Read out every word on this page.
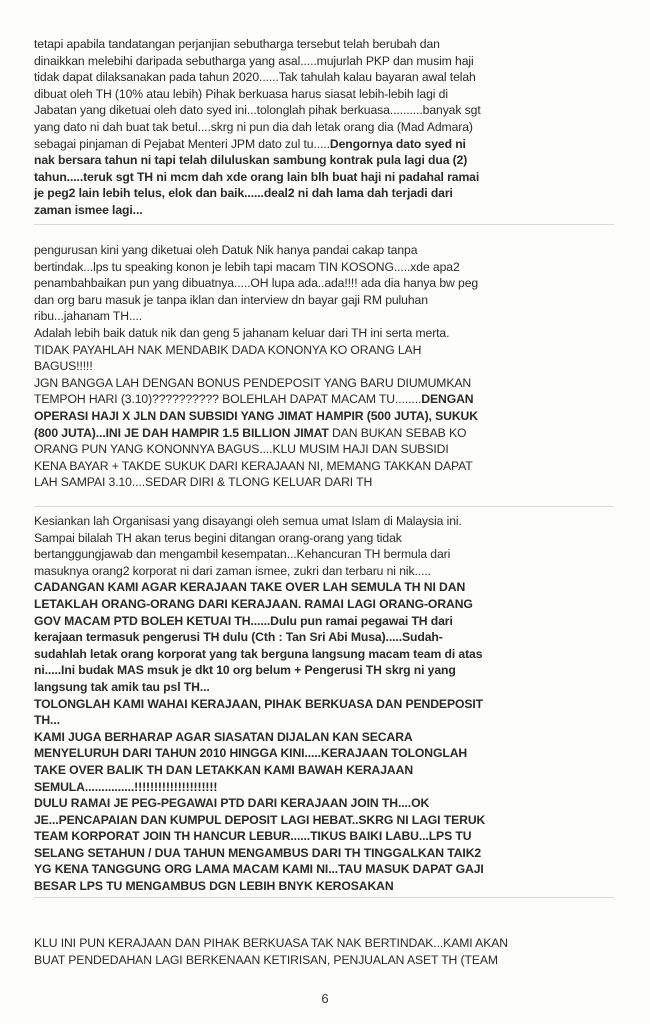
tetapi apabila tandatangan perjanjian sebutharga tersebut telah berubah dan
dinaikkan melebihi daripada sebutharga yang asal.....mujurlah PKP dan musim haji
tidak dapat dilaksanakan pada tahun 2020......Tak tahulah kalau bayaran awal telah
dibuat oleh TH (10% atau lebih) Pihak berkuasa harus siasat lebih-lebih lagi di
Jabatan yang diketuai oleh dato syed ini...tolonglah pihak berkuasa..........banyak sgt
yang dato ni dah buat tak betul....skrg ni pun dia dah letak orang dia (Mad Admara)
sebagai pinjaman di Pejabat Menteri JPM dato zul tu.....Dengornya dato syed ni
nak bersara tahun ni tapi telah diluluskan sambung kontrak pula lagi dua (2)
tahun.....teruk sgt TH ni mcm dah xde orang lain blh buat haji ni padahal ramai
je peg2 lain lebih telus, elok dan baik......deal2 ni dah lama dah terjadi dari
zaman ismee lagi...
pengurusan kini yang diketuai oleh Datuk Nik hanya pandai cakap tanpa
bertindak...lps tu speaking konon je lebih tapi macam TIN KOSONG.....xde apa2
penambahbaikan pun yang dibuatnya.....OH lupa ada..ada!!!! ada dia hanya bw peg
dan org baru masuk je tanpa iklan dan interview dn bayar gaji RM puluhan
ribu...jahanam TH....
Adalah lebih baik datuk nik dan geng 5 jahanam keluar dari TH ini serta merta.
TIDAK PAYAHLAH NAK MENDABIK DADA KONONYA KO ORANG LAH
BAGUS!!!!!
JGN BANGGA LAH DENGAN BONUS PENDEPOSIT YANG BARU DIUMUMKAN
TEMPOH HARI (3.10)?????????? BOLEHLAH DAPAT MACAM TU........DENGAN
OPERASI HAJI X JLN DAN SUBSIDI YANG JIMAT HAMPIR (500 JUTA), SUKUK
(800 JUTA)...INI JE DAH HAMPIR 1.5 BILLION JIMAT DAN BUKAN SEBAB KO
ORANG PUN YANG KONONNYA BAGUS....KLU MUSIM HAJI DAN SUBSIDI
KENA BAYAR + TAKDE SUKUK DARI KERAJAAN NI, MEMANG TAKKAN DAPAT
LAH SAMPAI 3.10....SEDAR DIRI & TLONG KELUAR DARI TH
Kesiankan lah Organisasi yang disayangi oleh semua umat Islam di Malaysia ini.
Sampai bilalah TH akan terus begini ditangan orang-orang yang tidak
bertanggungjawab dan mengambil kesempatan...Kehancuran TH bermula dari
masuknya orang2 korporat ni dari zaman ismee, zukri dan terbaru ni nik.....
CADANGAN KAMI AGAR KERAJAAN TAKE OVER LAH SEMULA TH NI DAN
LETAKLAH ORANG-ORANG DARI KERAJAAN. RAMAI LAGI ORANG-ORANG
GOV MACAM PTD BOLEH KETUAI TH......Dulu pun ramai pegawai TH dari
kerajaan termasuk pengerusi TH dulu (Cth : Tan Sri Abi Musa).....Sudah-
sudahlah letak orang korporat yang tak berguna langsung macam team di atas
ni.....Ini budak MAS msuk je dkt 10 org belum + Pengerusi TH skrg ni yang
langsung tak amik tau psl TH...
TOLONGLAH KAMI WAHAI KERAJAAN, PIHAK BERKUASA DAN PENDEPOSIT
TH...
KAMI JUGA BERHARAP AGAR SIASATAN DIJALAN KAN SECARA
MENYELURUH DARI TAHUN 2010 HINGGA KINI.....KERAJAAN TOLONGLAH
TAKE OVER BALIK TH DAN LETAKKAN KAMI BAWAH KERAJAAN
SEMULA...............!!!!!!!!!!!!!!!!!!!!!
DULU RAMAI JE PEG-PEGAWAI PTD DARI KERAJAAN JOIN TH....OK
JE...PENCAPAIAN DAN KUMPUL DEPOSIT LAGI HEBAT..SKRG NI LAGI TERUK
TEAM KORPORAT JOIN TH HANCUR LEBUR......TIKUS BAIKI LABU...LPS TU
SELANG SETAHUN / DUA TAHUN MENGAMBUS DARI TH TINGGALKAN TAIK2
YG KENA TANGGUNG ORG LAMA MACAM KAMI NI...TAU MASUK DAPAT GAJI
BESAR LPS TU MENGAMBUS DGN LEBIH BNYK KEROSAKAN
KLU INI PUN KERAJAAN DAN PIHAK BERKUASA TAK NAK BERTINDAK...KAMI AKAN
BUAT PENDEDAHAN LAGI BERKENAAN KETIRISAN, PENJUALAN ASET TH (TEAM
6
